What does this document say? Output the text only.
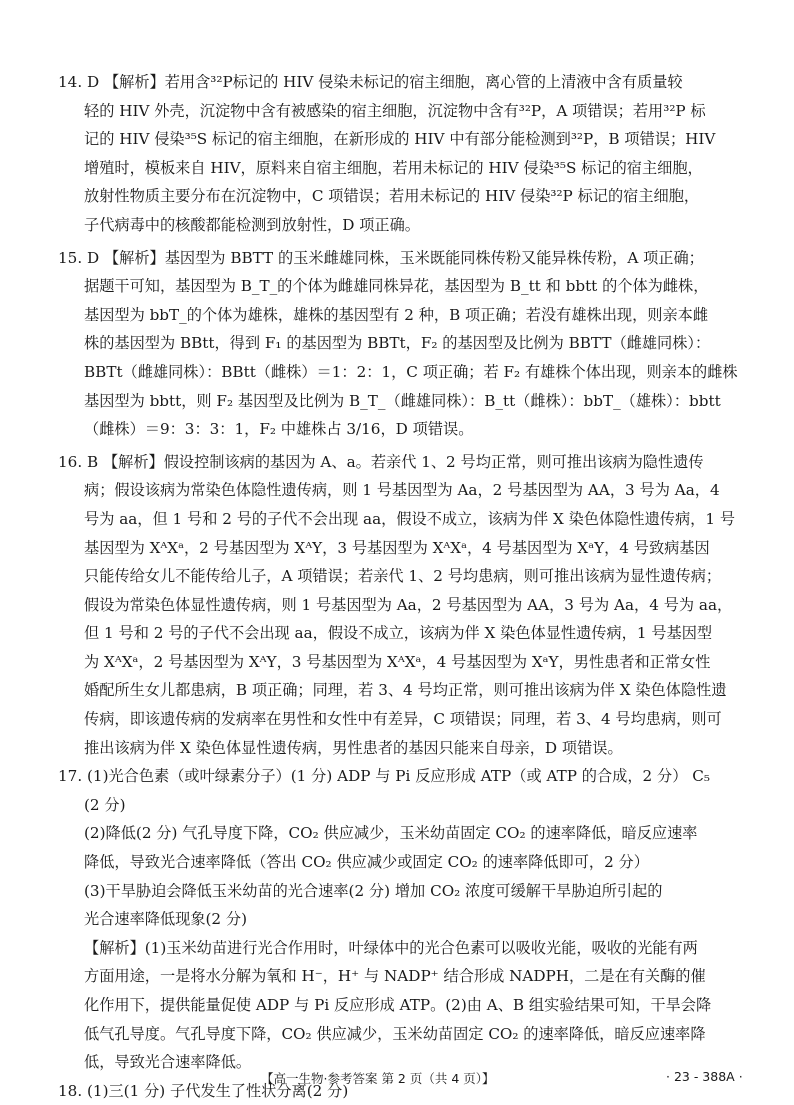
14. D 【解析】若用含³²P标记的 HIV 侵染未标记的宿主细胞，离心管的上清液中含有质量较
轻的 HIV 外壳，沉淀物中含有被感染的宿主细胞，沉淀物中含有³²P，A 项错误；若用³²P 标
记的 HIV 侵染³⁵S 标记的宿主细胞，在新形成的 HIV 中有部分能检测到³²P，B 项错误；HIV
增殖时，模板来自 HIV，原料来自宿主细胞，若用未标记的 HIV 侵染³⁵S 标记的宿主细胞，
放射性物质主要分布在沉淀物中，C 项错误；若用未标记的 HIV 侵染³²P 标记的宿主细胞，
子代病毒中的核酸都能检测到放射性，D 项正确。
15. D 【解析】基因型为 BBTT 的玉米雌雄同株，玉米既能同株传粉又能异株传粉，A 项正确；
据题干可知，基因型为 B_T_的个体为雌雄同株异花，基因型为 B_tt 和 bbtt 的个体为雌株，
基因型为 bbT_的个体为雄株，雄株的基因型有 2 种，B 项正确；若没有雄株出现，则亲本雌
株的基因型为 BBtt，得到 F₁ 的基因型为 BBTt，F₂ 的基因型及比例为 BBTT（雌雄同株）：
BBTt（雌雄同株）：BBtt（雌株）＝1：2：1，C 项正确；若 F₂ 有雄株个体出现，则亲本的雌株
基因型为 bbtt，则 F₂ 基因型及比例为 B_T_（雌雄同株）：B_tt（雌株）：bbT_（雄株）：bbtt
（雌株）＝9：3：3：1，F₂ 中雄株占 3/16，D 项错误。
16. B 【解析】假设控制该病的基因为 A、a。若亲代 1、2 号均正常，则可推出该病为隐性遗传
病；假设该病为常染色体隐性遗传病，则 1 号基因型为 Aa，2 号基因型为 AA，3 号为 Aa，4
号为 aa，但 1 号和 2 号的子代不会出现 aa，假设不成立，该病为伴 X 染色体隐性遗传病，1 号
基因型为 XᴬXᵃ，2 号基因型为 XᴬY，3 号基因型为 XᴬXᵃ，4 号基因型为 XᵃY，4 号致病基因
只能传给女儿不能传给儿子，A 项错误；若亲代 1、2 号均患病，则可推出该病为显性遗传病；
假设为常染色体显性遗传病，则 1 号基因型为 Aa，2 号基因型为 AA，3 号为 Aa，4 号为 aa，
但 1 号和 2 号的子代不会出现 aa，假设不成立，该病为伴 X 染色体显性遗传病，1 号基因型
为 XᴬXᵃ，2 号基因型为 XᴬY，3 号基因型为 XᴬXᵃ，4 号基因型为 XᵃY，男性患者和正常女性
婚配所生女儿都患病，B 项正确；同理，若 3、4 号均正常，则可推出该病为伴 X 染色体隐性遗
传病，即该遗传病的发病率在男性和女性中有差异，C 项错误；同理，若 3、4 号均患病，则可
推出该病为伴 X 染色体显性遗传病，男性患者的基因只能来自母亲，D 项错误。
17. (1)光合色素（或叶绿素分子）(1 分) ADP 与 Pi 反应形成 ATP（或 ATP 的合成，2 分） C₅
(2 分)
(2)降低(2 分) 气孔导度下降，CO₂ 供应减少，玉米幼苗固定 CO₂ 的速率降低，暗反应速率
降低，导致光合速率降低（答出 CO₂ 供应减少或固定 CO₂ 的速率降低即可，2 分）
(3)干旱胁迫会降低玉米幼苗的光合速率(2 分) 增加 CO₂ 浓度可缓解干旱胁迫所引起的
光合速率降低现象(2 分)
【解析】(1)玉米幼苗进行光合作用时，叶绿体中的光合色素可以吸收光能，吸收的光能有两
方面用途，一是将水分解为氧和 H⁻，H⁺ 与 NADP⁺ 结合形成 NADPH，二是在有关酶的催
化作用下，提供能量促使 ADP 与 Pi 反应形成 ATP。(2)由 A、B 组实验结果可知，干旱会降
低气孔导度。气孔导度下降，CO₂ 供应减少，玉米幼苗固定 CO₂ 的速率降低，暗反应速率降
低，导致光合速率降低。
18. (1)三(1 分) 子代发生了性状分离(2 分)
【高一生物·参考答案 第 2 页（共 4 页）】	· 23 - 388A ·
